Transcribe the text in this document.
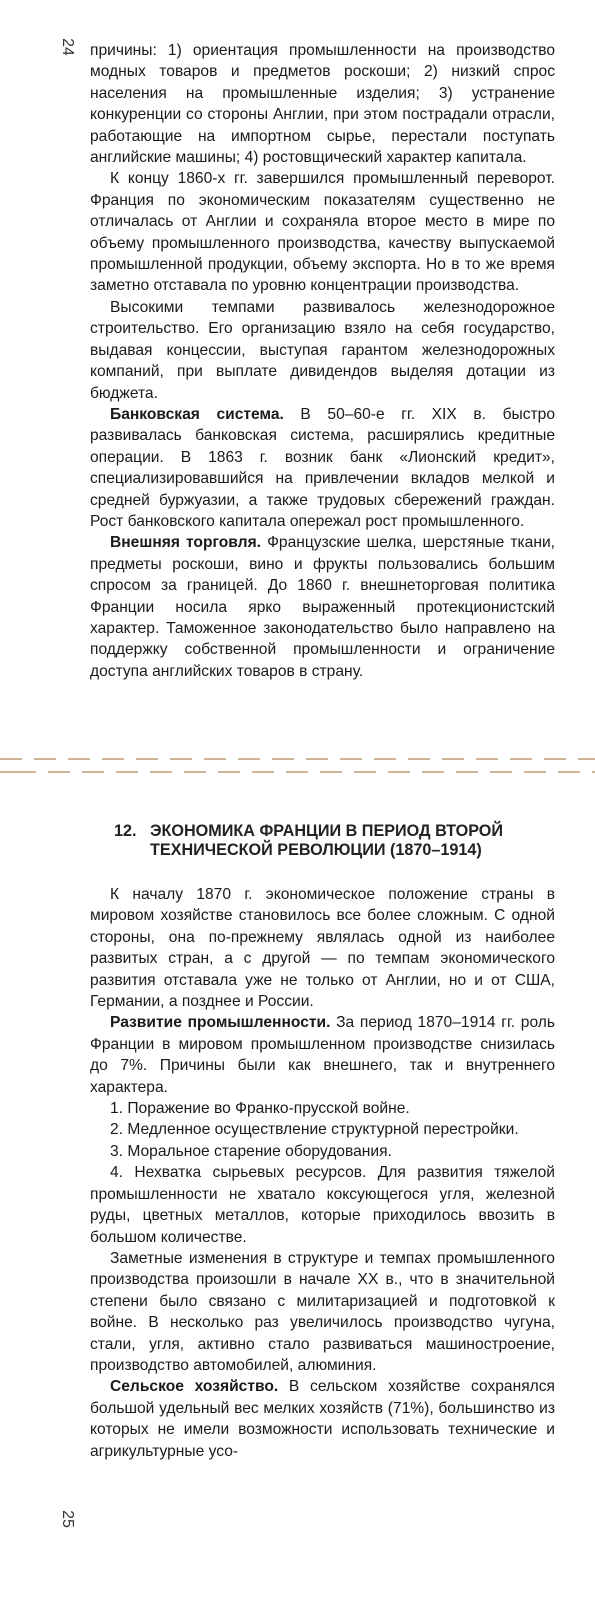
24 причины: 1) ориентация промышленности на производство модных товаров и предметов роскоши; 2) низкий спрос населения на промышленные изделия; 3) устранение конкуренции со стороны Англии, при этом пострадали отрасли, работающие на импортном сырье, перестали поступать английские машины; 4) ростовщический характер капитала.

К концу 1860-х гг. завершился промышленный переворот. Франция по экономическим показателям существенно не отличалась от Англии и сохраняла второе место в мире по объему промышленного производства, качеству выпускаемой промышленной продукции, объему экспорта. Но в то же время заметно отставала по уровню концентрации производства.

Высокими темпами развивалось железнодорожное строительство. Его организацию взяло на себя государство, выдавая концессии, выступая гарантом железнодорожных компаний, при выплате дивидендов выделяя дотации из бюджета.

Банковская система. В 50–60-е гг. XIX в. быстро развивалась банковская система, расширялись кредитные операции. В 1863 г. возник банк «Лионский кредит», специализировавшийся на привлечении вкладов мелкой и средней буржуазии, а также трудовых сбережений граждан. Рост банковского капитала опережал рост промышленного.

Внешняя торговля. Французские шелка, шерстяные ткани, предметы роскоши, вино и фрукты пользовались большим спросом за границей. До 1860 г. внешнеторговая политика Франции носила ярко выраженный протекционистский характер. Таможенное законодательство было направлено на поддержку собственной промышленности и ограничение доступа английских товаров в страну.

12. ЭКОНОМИКА ФРАНЦИИ В ПЕРИОД ВТОРОЙ ТЕХНИЧЕСКОЙ РЕВОЛЮЦИИ (1870–1914)

К началу 1870 г. экономическое положение страны в мировом хозяйстве становилось все более сложным. С одной стороны, она по-прежнему являлась одной из наиболее развитых стран, а с другой — по темпам экономического развития отставала уже не только от Англии, но и от США, Германии, а позднее и России.

Развитие промышленности. За период 1870–1914 гг. роль Франции в мировом промышленном производстве снизилась до 7%. Причины были как внешнего, так и внутреннего характера.

1. Поражение во Франко-прусской войне.

2. Медленное осуществление структурной перестройки.

3. Моральное старение оборудования.

4. Нехватка сырьевых ресурсов. Для развития тяжелой промышленности не хватало коксующегося угля, железной руды, цветных металлов, которые приходилось ввозить в большом количестве.

Заметные изменения в структуре и темпах промышленного производства произошли в начале XX в., что в значительной степени было связано с милитаризацией и подготовкой к войне. В несколько раз увеличилось производство чугуна, стали, угля, активно стало развиваться машиностроение, производство автомобилей, алюминия.

Сельское хозяйство. В сельском хозяйстве сохранялся большой удельный вес мелких хозяйств (71%), большинство из которых не имели возможности использовать технические и агрикультурные усо-

25
